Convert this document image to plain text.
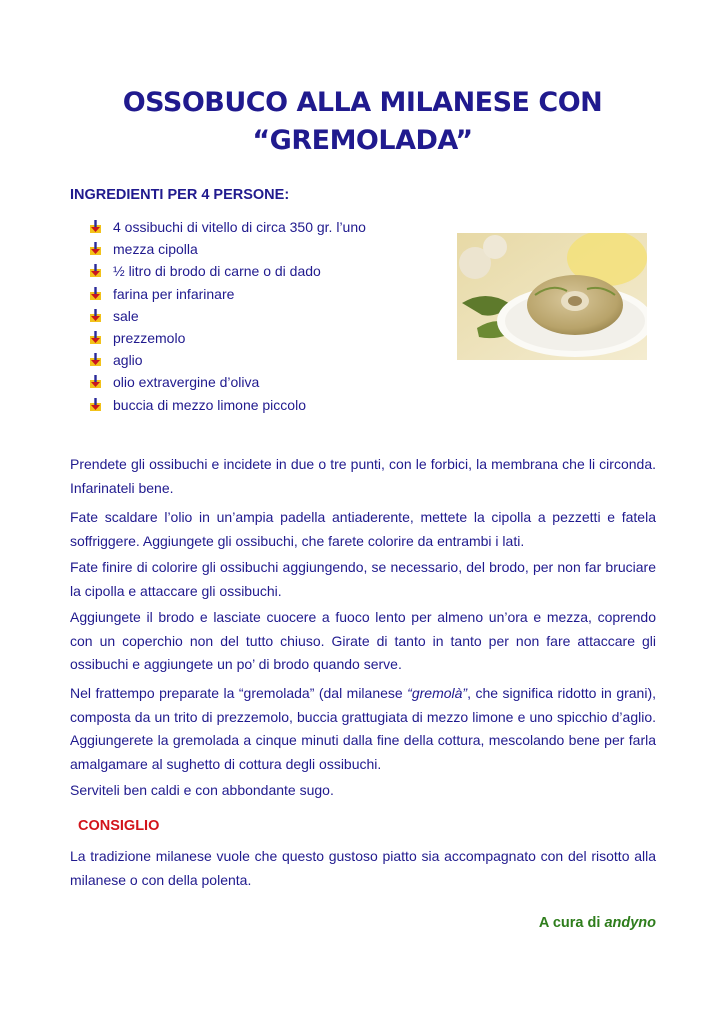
OSSOBUCO ALLA MILANESE CON
“GREMOLADA”
INGREDIENTI PER 4 PERSONE:
4 ossibuchi di vitello di circa 350 gr. l’uno
mezza cipolla
½ litro di brodo di carne o di dado
farina per infarinare
sale
prezzemolo
aglio
olio extravergine d’oliva
buccia di mezzo limone piccolo

Prendete gli ossibuchi e incidete in due o tre punti, con le forbici, la membrana che li circonda. Infarinateli bene.

Fate scaldare l’olio in un’ampia padella antiaderente, mettete la cipolla a pezzetti e fatela soffriggere. Aggiungete gli ossibuchi, che farete colorire da entrambi i lati.

Fate finire di colorire gli ossibuchi aggiungendo, se necessario, del brodo, per non far bruciare la cipolla e attaccare gli ossibuchi.

Aggiungete il brodo e lasciate cuocere a fuoco lento per almeno un’ora e mezza, coprendo con un coperchio non del tutto chiuso. Girate di tanto in tanto per non fare attaccare gli ossibuchi e aggiungete un po’ di brodo quando serve.

Nel frattempo preparate la “gremolada” (dal milanese “gremolà”, che significa ridotto in grani), composta da un trito di prezzemolo, buccia grattugiata di mezzo limone e uno spicchio d’aglio. Aggiungerete la gremolada a cinque minuti dalla fine della cottura, mescolando bene per farla amalgamare al sughetto di cottura degli ossibuchi.

Serviteli ben caldi e con abbondante sugo.

CONSIGLIO

La tradizione milanese vuole che questo gustoso piatto sia accompagnato con del risotto alla milanese o con della polenta.

A cura di andyno
